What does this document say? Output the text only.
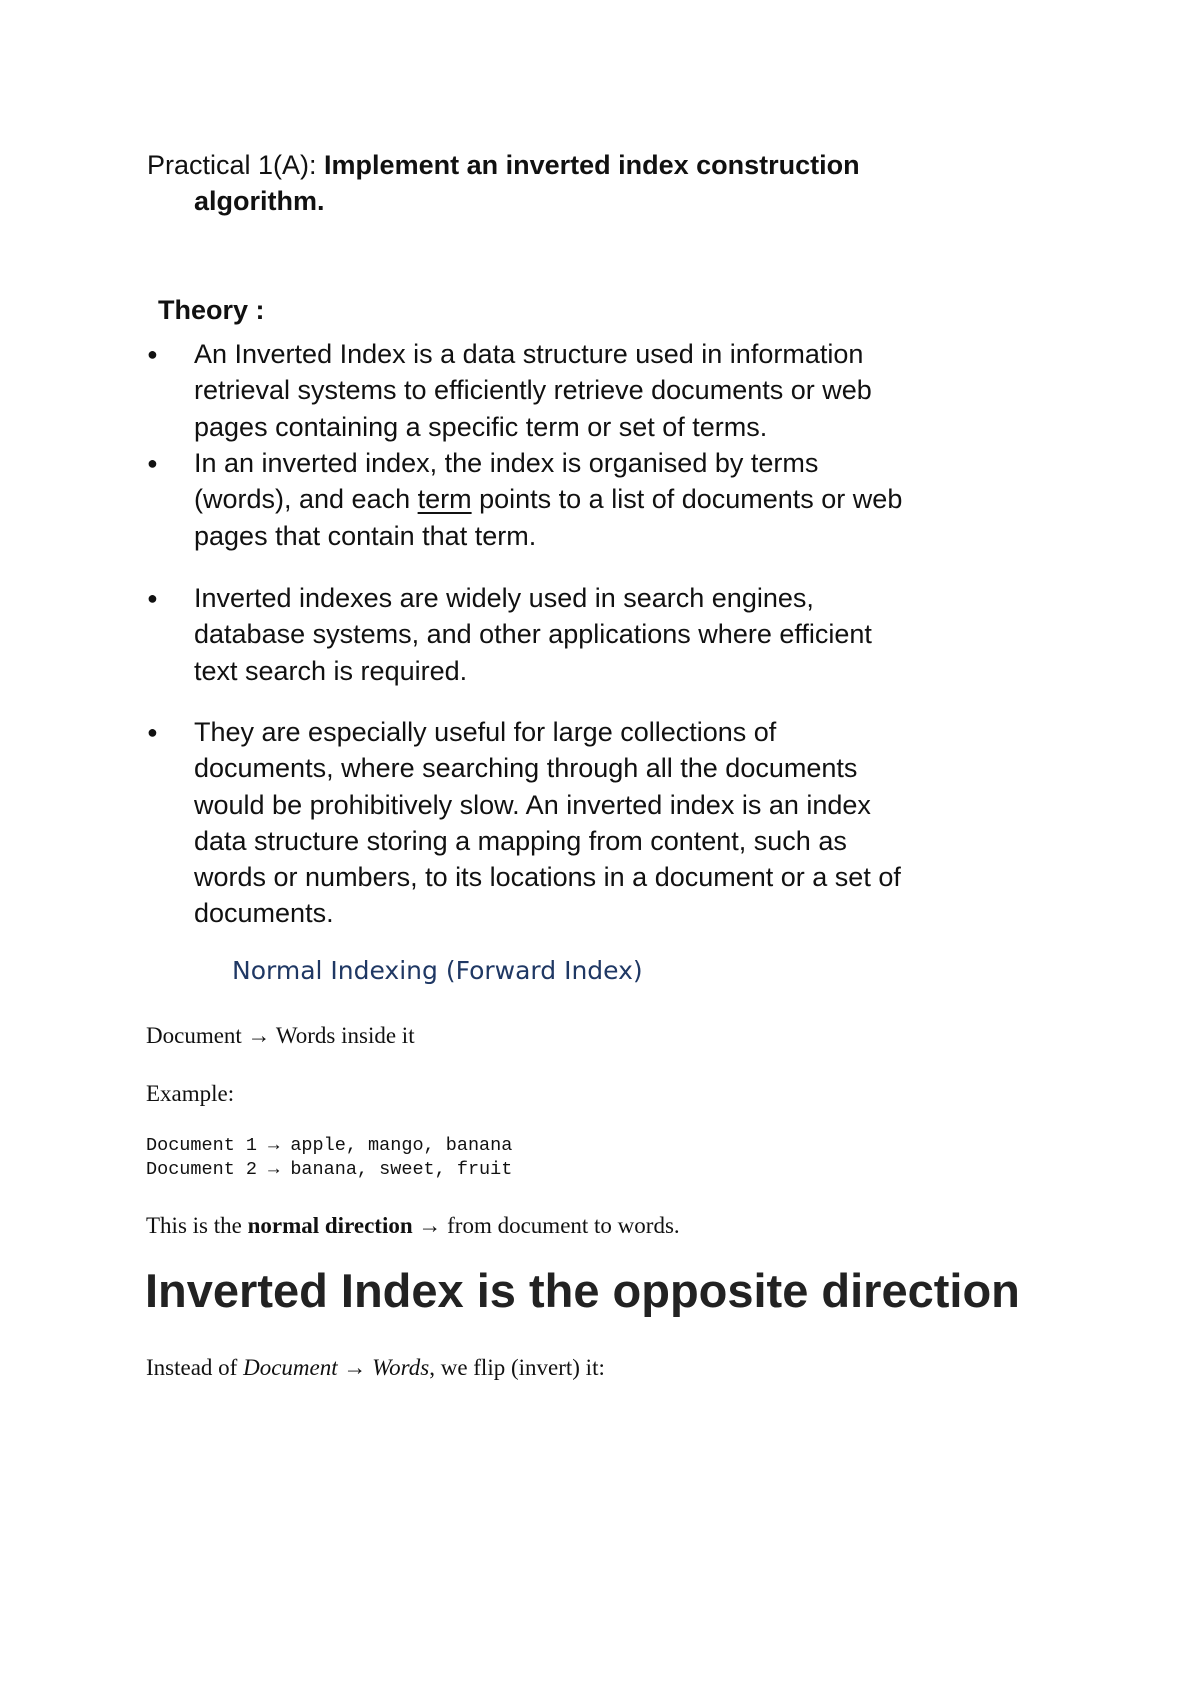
Practical 1(A): Implement an inverted index construction
algorithm.
Theory :
●	An Inverted Index is a data structure used in information
retrieval systems to efficiently retrieve documents or web
pages containing a specific term or set of terms.
●	In an inverted index, the index is organised by terms
(words), and each term points to a list of documents or web
pages that contain that term.
●	Inverted indexes are widely used in search engines,
database systems, and other applications where efficient
text search is required.
●	They are especially useful for large collections of
documents, where searching through all the documents
would be prohibitively slow. An inverted index is an index
data structure storing a mapping from content, such as
words or numbers, to its locations in a document or a set of
documents.
Normal Indexing (Forward Index)
Document → Words inside it
Example:
Document 1 → apple, mango, banana
Document 2 → banana, sweet, fruit
This is the normal direction → from document to words.
Inverted Index is the opposite direction
Instead of Document → Words, we flip (invert) it:
